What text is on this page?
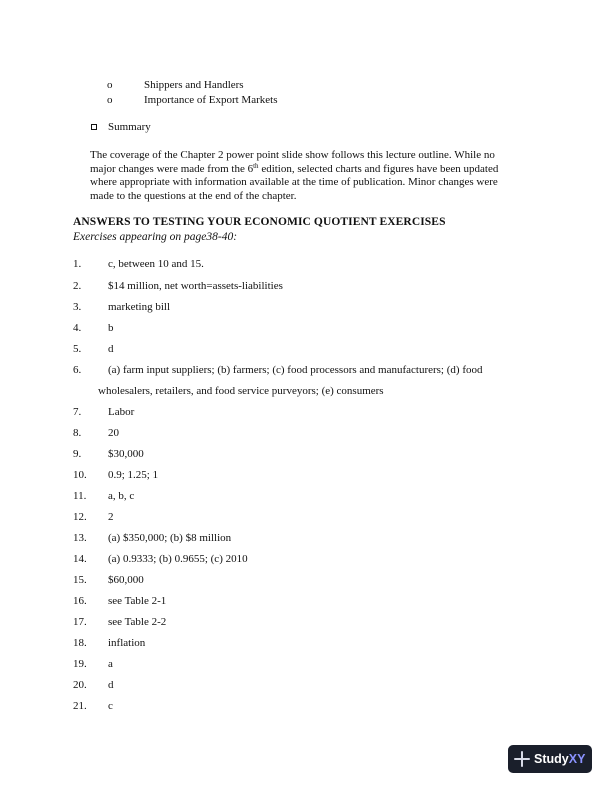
o	Shippers and Handlers
o	Importance of Export Markets
Summary
The coverage of the Chapter 2 power point slide show follows this lecture outline. While no
major changes were made from the 6th edition, selected charts and figures have been updated
where appropriate with information available at the time of publication. Minor changes were
made to the questions at the end of the chapter.
ANSWERS TO TESTING YOUR ECONOMIC QUOTIENT EXERCISES
Exercises appearing on page38-40:
1. c, between 10 and 15.
2. $14 million, net worth=assets-liabilities
3. marketing bill
4. b
5. d
6. (a) farm input suppliers; (b) farmers; (c) food processors and manufacturers; (d) food
wholesalers, retailers, and food service purveyors; (e) consumers
7. Labor
8. 20
9. $30,000
10. 0.9; 1.25; 1
11. a, b, c
12. 2
13. (a) $350,000; (b) $8 million
14. (a) 0.9333; (b) 0.9655; (c) 2010
15. $60,000
16. see Table 2-1
17. see Table 2-2
18. inflation
19. a
20. d
21. c
StudyXY
